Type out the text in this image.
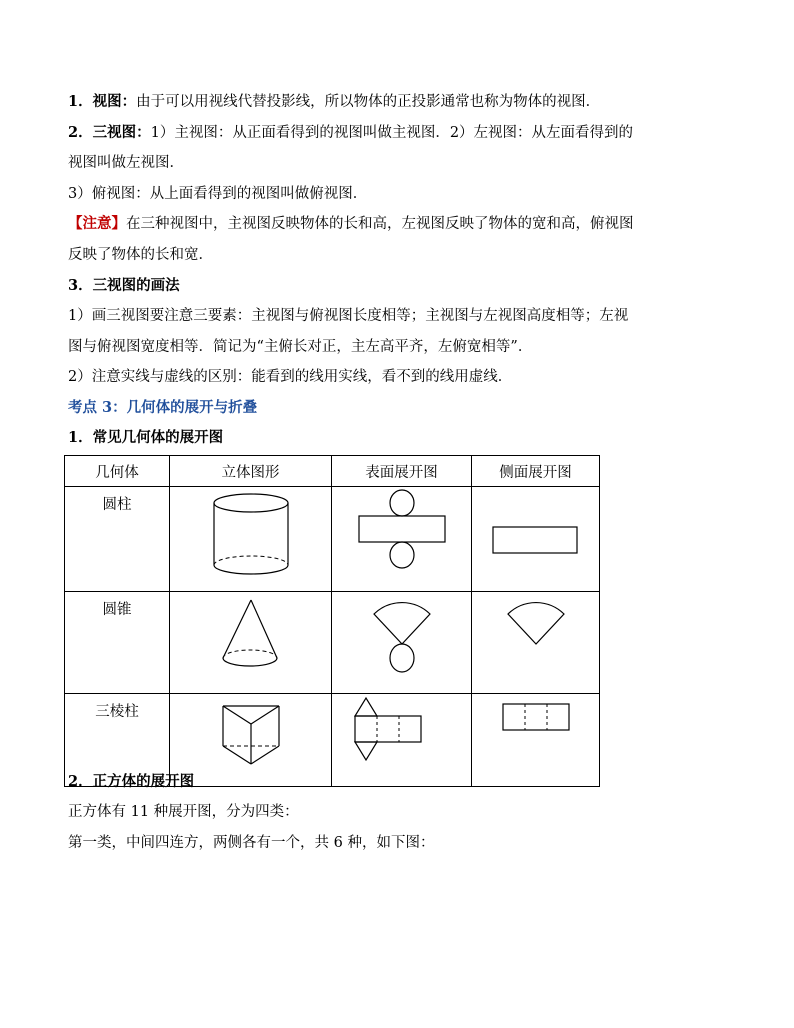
1．视图：由于可以用视线代替投影线，所以物体的正投影通常也称为物体的视图．
2．三视图：1）主视图：从正面看得到的视图叫做主视图．2）左视图：从左面看得到的
视图叫做左视图．
3）俯视图：从上面看得到的视图叫做俯视图．
【注意】在三种视图中，主视图反映物体的长和高，左视图反映了物体的宽和高，俯视图
反映了物体的长和宽．
3．三视图的画法
1）画三视图要注意三要素：主视图与俯视图长度相等；主视图与左视图高度相等；左视
图与俯视图宽度相等．简记为“主俯长对正，主左高平齐，左俯宽相等”．
2）注意实线与虚线的区别：能看到的线用实线，看不到的线用虚线．
考点 3：几何体的展开与折叠
1．常见几何体的展开图
几何体	立体图形	表面展开图	侧面展开图
圆柱	

圆锥	

三棱柱	

2．正方体的展开图
正方体有 11 种展开图，分为四类：
第一类，中间四连方，两侧各有一个，共 6 种，如下图：
